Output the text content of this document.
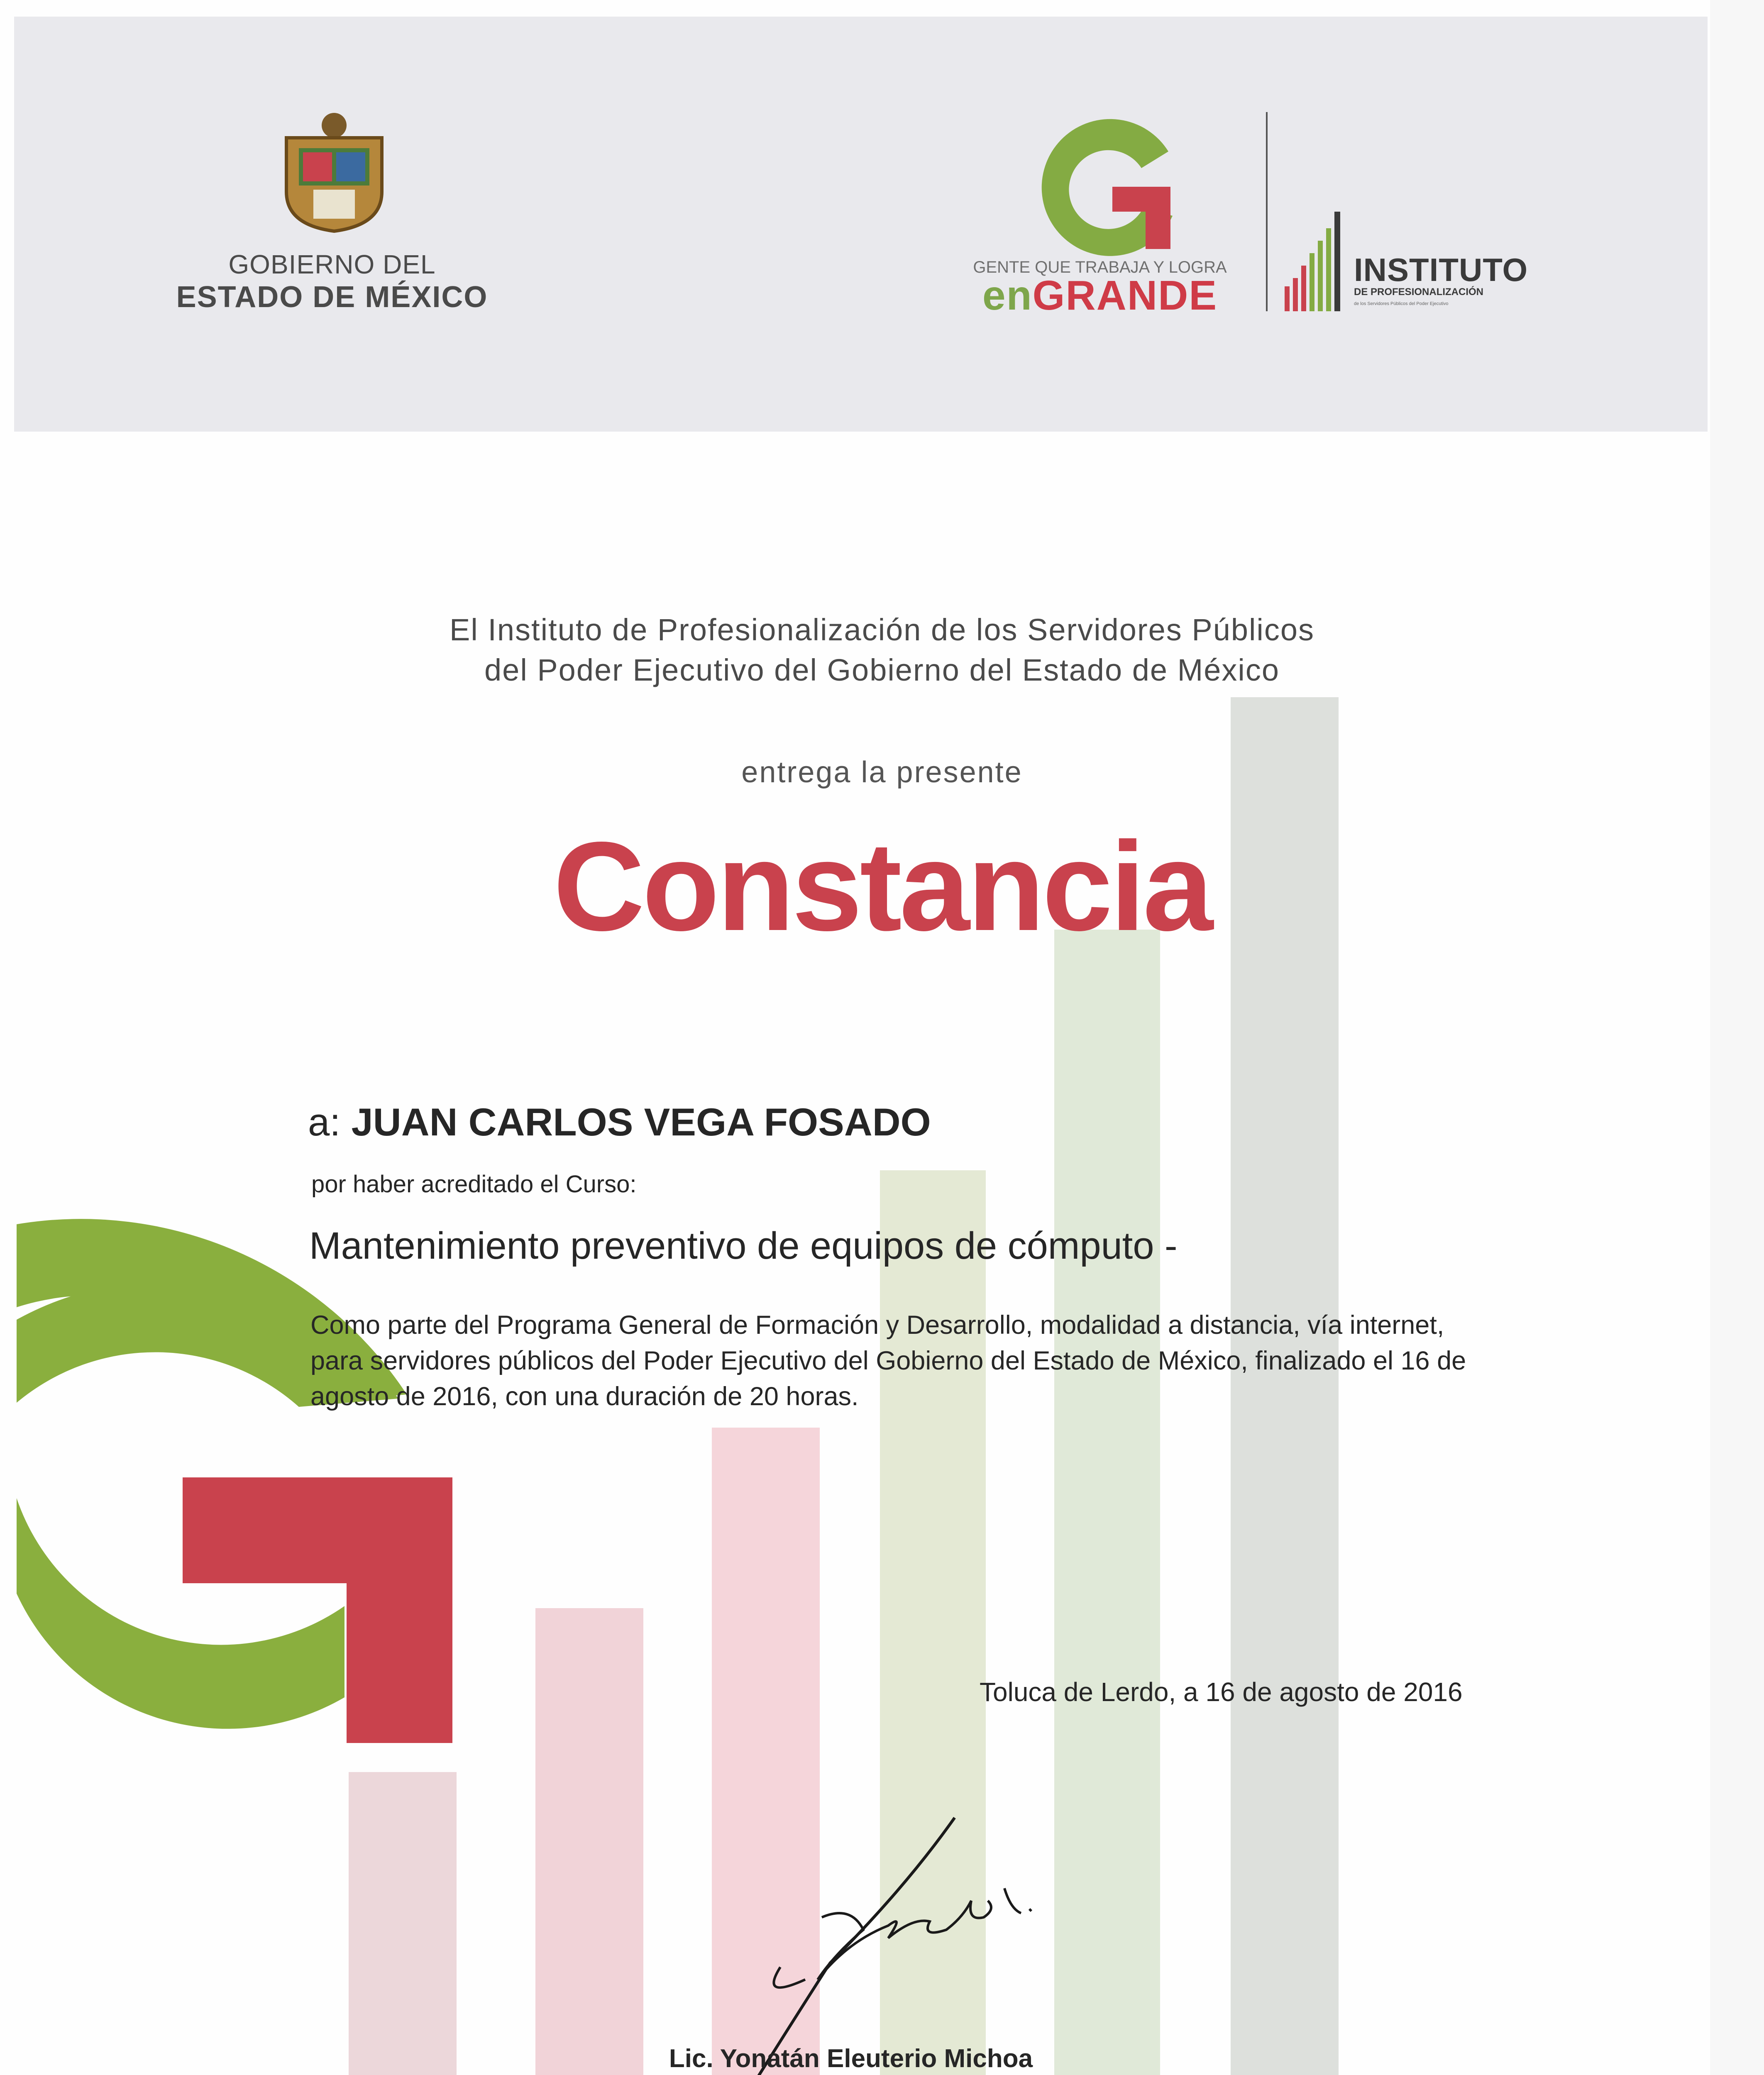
GOBIERNO DEL
ESTADO DE MÉXICO
GENTE QUE TRABAJA Y LOGRA
enGRANDE
INSTITUTO
DE PROFESIONALIZACIÓN
de los Servidores Públicos del Poder Ejecutivo
El Instituto de Profesionalización de los Servidores Públicos
del Poder Ejecutivo del Gobierno del Estado de México
entrega la presente
Constancia
a: JUAN CARLOS VEGA FOSADO
por haber acreditado el Curso:
Mantenimiento preventivo de equipos de cómputo -
Como parte del Programa General de Formación y Desarrollo, modalidad a distancia, vía internet, para servidores públicos del Poder Ejecutivo del Gobierno del Estado de México, finalizado el 16 de agosto de 2016, con una duración de 20 horas.
Toluca de Lerdo, a 16 de agosto de 2016
Lic. Yonatán Eleuterio Michoa
